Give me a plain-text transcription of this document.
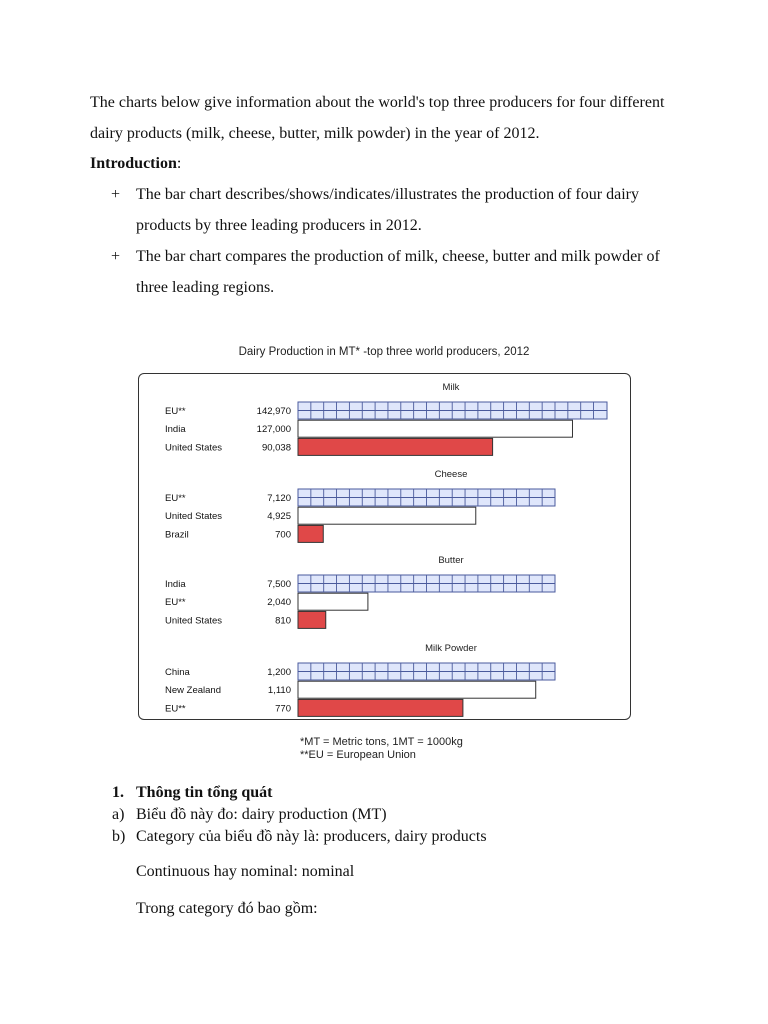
The charts below give information about the world's top three producers for four different
dairy products (milk, cheese, butter, milk powder) in the year of 2012.
Introduction:
+ The bar chart describes/shows/indicates/illustrates the production of four dairy
products by three leading producers in 2012.
+ The bar chart compares the production of milk, cheese, butter and milk powder of
three leading regions.
Dairy Production in MT* -top three world producers, 2012
Milk
EU**	142,970
India	127,000
United States	90,038
Cheese
EU**	7,120
United States	4,925
Brazil	700
Butter
India	7,500
EU**	2,040
United States	810
Milk Powder
China	1,200
New Zealand	1,110
EU**	770
*MT = Metric tons, 1MT = 1000kg
**EU = European Union
1. Thông tin tổng quát
a) Biểu đồ này đo: dairy production (MT)
b) Category của biểu đồ này là: producers, dairy products
Continuous hay nominal: nominal
Trong category đó bao gồm:
